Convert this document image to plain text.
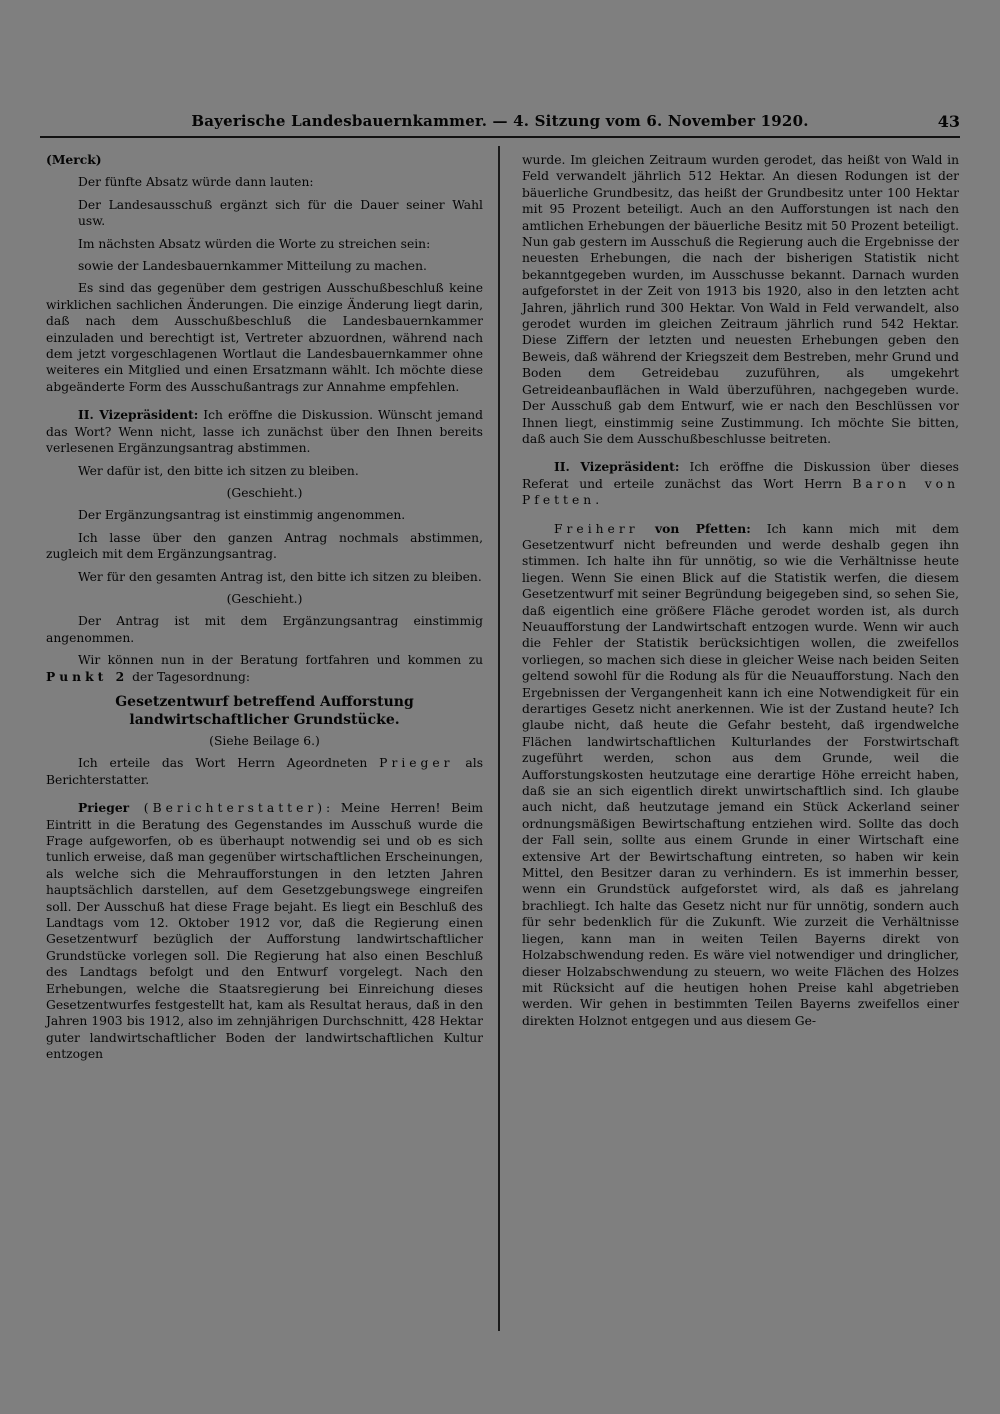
Bayerische Landesbauernkammer. — 4. Sitzung vom 6. November 1920.	43

(Merck)

Der fünfte Absatz würde dann lauten:

Der Landesausschuß ergänzt sich für die Dauer seiner Wahl usw.

Im nächsten Absatz würden die Worte zu streichen sein:

sowie der Landesbauernkammer Mitteilung zu machen.

Es sind das gegenüber dem gestrigen Ausschußbeschluß keine wirklichen sachlichen Änderungen. Die einzige Änderung liegt darin, daß nach dem Ausschußbeschluß die Landesbauernkammer einzuladen und berechtigt ist, Vertreter abzuordnen, während nach dem jetzt vorgeschlagenen Wortlaut die Landesbauernkammer ohne weiteres ein Mitglied und einen Ersatzmann wählt. Ich möchte diese abgeänderte Form des Ausschußantrags zur Annahme empfehlen.

II. Vizepräsident: Ich eröffne die Diskussion. Wünscht jemand das Wort? Wenn nicht, lasse ich zunächst über den Ihnen bereits verlesenen Ergänzungsantrag abstimmen.

Wer dafür ist, den bitte ich sitzen zu bleiben.

(Geschieht.)

Der Ergänzungsantrag ist einstimmig angenommen.

Ich lasse über den ganzen Antrag nochmals abstimmen, zugleich mit dem Ergänzungsantrag.

Wer für den gesamten Antrag ist, den bitte ich sitzen zu bleiben.

(Geschieht.)

Der Antrag ist mit dem Ergänzungsantrag einstimmig angenommen.

Wir können nun in der Beratung fortfahren und kommen zu Punkt 2 der Tagesordnung:

Gesetzentwurf betreffend Aufforstung landwirtschaftlicher Grundstücke.

(Siehe Beilage 6.)

Ich erteile das Wort Herrn Ageordneten Prieger als Berichterstatter.

Prieger (Berichterstatter): Meine Herren! Beim Eintritt in die Beratung des Gegenstandes im Ausschuß wurde die Frage aufgeworfen, ob es überhaupt notwendig sei und ob es sich tunlich erweise, daß man gegenüber wirtschaftlichen Erscheinungen, als welche sich die Mehraufforstungen in den letzten Jahren hauptsächlich darstellen, auf dem Gesetzgebungswege eingreifen soll. Der Ausschuß hat diese Frage bejaht. Es liegt ein Beschluß des Landtags vom 12. Oktober 1912 vor, daß die Regierung einen Gesetzentwurf bezüglich der Aufforstung landwirtschaftlicher Grundstücke vorlegen soll. Die Regierung hat also einen Beschluß des Landtags befolgt und den Entwurf vorgelegt. Nach den Erhebungen, welche die Staatsregierung bei Einreichung dieses Gesetzentwurfes festgestellt hat, kam als Resultat heraus, daß in den Jahren 1903 bis 1912, also im zehnjährigen Durchschnitt, 428 Hektar guter landwirtschaftlicher Boden der landwirtschaftlichen Kultur entzogen

wurde. Im gleichen Zeitraum wurden gerodet, das heißt von Wald in Feld verwandelt jährlich 512 Hektar. An diesen Rodungen ist der bäuerliche Grundbesitz, das heißt der Grundbesitz unter 100 Hektar mit 95 Prozent beteiligt. Auch an den Aufforstungen ist nach den amtlichen Erhebungen der bäuerliche Besitz mit 50 Prozent beteiligt. Nun gab gestern im Ausschuß die Regierung auch die Ergebnisse der neuesten Erhebungen, die nach der bisherigen Statistik nicht bekanntgegeben wurden, im Ausschusse bekannt. Darnach wurden aufgeforstet in der Zeit von 1913 bis 1920, also in den letzten acht Jahren, jährlich rund 300 Hektar. Von Wald in Feld verwandelt, also gerodet wurden im gleichen Zeitraum jährlich rund 542 Hektar. Diese Ziffern der letzten und neuesten Erhebungen geben den Beweis, daß während der Kriegszeit dem Bestreben, mehr Grund und Boden dem Getreidebau zuzuführen, als umgekehrt Getreideanbauflächen in Wald überzuführen, nachgegeben wurde. Der Ausschuß gab dem Entwurf, wie er nach den Beschlüssen vor Ihnen liegt, einstimmig seine Zustimmung. Ich möchte Sie bitten, daß auch Sie dem Ausschußbeschlusse beitreten.

II. Vizepräsident: Ich eröffne die Diskussion über dieses Referat und erteile zunächst das Wort Herrn Baron von Pfetten.

Freiherr von Pfetten: Ich kann mich mit dem Gesetzentwurf nicht befreunden und werde deshalb gegen ihn stimmen. Ich halte ihn für unnötig, so wie die Verhältnisse heute liegen. Wenn Sie einen Blick auf die Statistik werfen, die diesem Gesetzentwurf mit seiner Begründung beigegeben sind, so sehen Sie, daß eigentlich eine größere Fläche gerodet worden ist, als durch Neuaufforstung der Landwirtschaft entzogen wurde. Wenn wir auch die Fehler der Statistik berücksichtigen wollen, die zweifellos vorliegen, so machen sich diese in gleicher Weise nach beiden Seiten geltend sowohl für die Rodung als für die Neuaufforstung. Nach den Ergebnissen der Vergangenheit kann ich eine Notwendigkeit für ein derartiges Gesetz nicht anerkennen. Wie ist der Zustand heute? Ich glaube nicht, daß heute die Gefahr besteht, daß irgendwelche Flächen landwirtschaftlichen Kulturlandes der Forstwirtschaft zugeführt werden, schon aus dem Grunde, weil die Aufforstungskosten heutzutage eine derartige Höhe erreicht haben, daß sie an sich eigentlich direkt unwirtschaftlich sind. Ich glaube auch nicht, daß heutzutage jemand ein Stück Ackerland seiner ordnungsmäßigen Bewirtschaftung entziehen wird. Sollte das doch der Fall sein, sollte aus einem Grunde in einer Wirtschaft eine extensive Art der Bewirtschaftung eintreten, so haben wir kein Mittel, den Besitzer daran zu verhindern. Es ist immerhin besser, wenn ein Grundstück aufgeforstet wird, als daß es jahrelang brachliegt. Ich halte das Gesetz nicht nur für unnötig, sondern auch für sehr bedenklich für die Zukunft. Wie zurzeit die Verhältnisse liegen, kann man in weiten Teilen Bayerns direkt von Holzabschwendung reden. Es wäre viel notwendiger und dringlicher, dieser Holzabschwendung zu steuern, wo weite Flächen des Holzes mit Rücksicht auf die heutigen hohen Preise kahl abgetrieben werden. Wir gehen in bestimmten Teilen Bayerns zweifellos einer direkten Holznot entgegen und aus diesem Ge-
